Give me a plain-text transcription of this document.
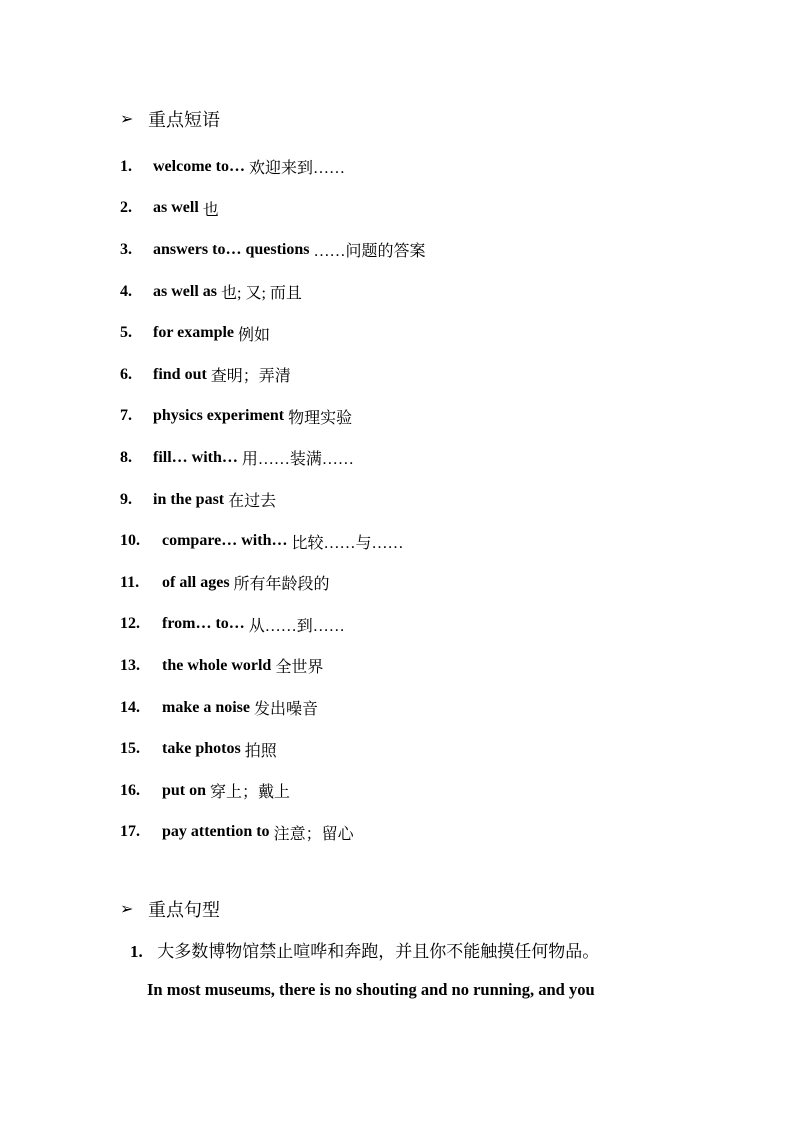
➢ 重点短语
1.	welcome to… 欢迎来到……
2.	as well 也
3.	answers to… questions ……问题的答案
4.	as well as 也; 又; 而且
5.	for example 例如
6.	find out 查明；弄清
7.	physics experiment 物理实验
8.	fill… with… 用……装满……
9.	in the past 在过去
10.	compare… with… 比较……与……
11.	of all ages 所有年龄段的
12.	from… to… 从……到……
13.	the whole world 全世界
14.	make a noise 发出噪音
15.	take photos 拍照
16.	put on 穿上；戴上
17.	pay attention to 注意；留心
➢ 重点句型
1. 大多数博物馆禁止喧哗和奔跑，并且你不能触摸任何物品。
In most museums, there is no shouting and no running, and you
